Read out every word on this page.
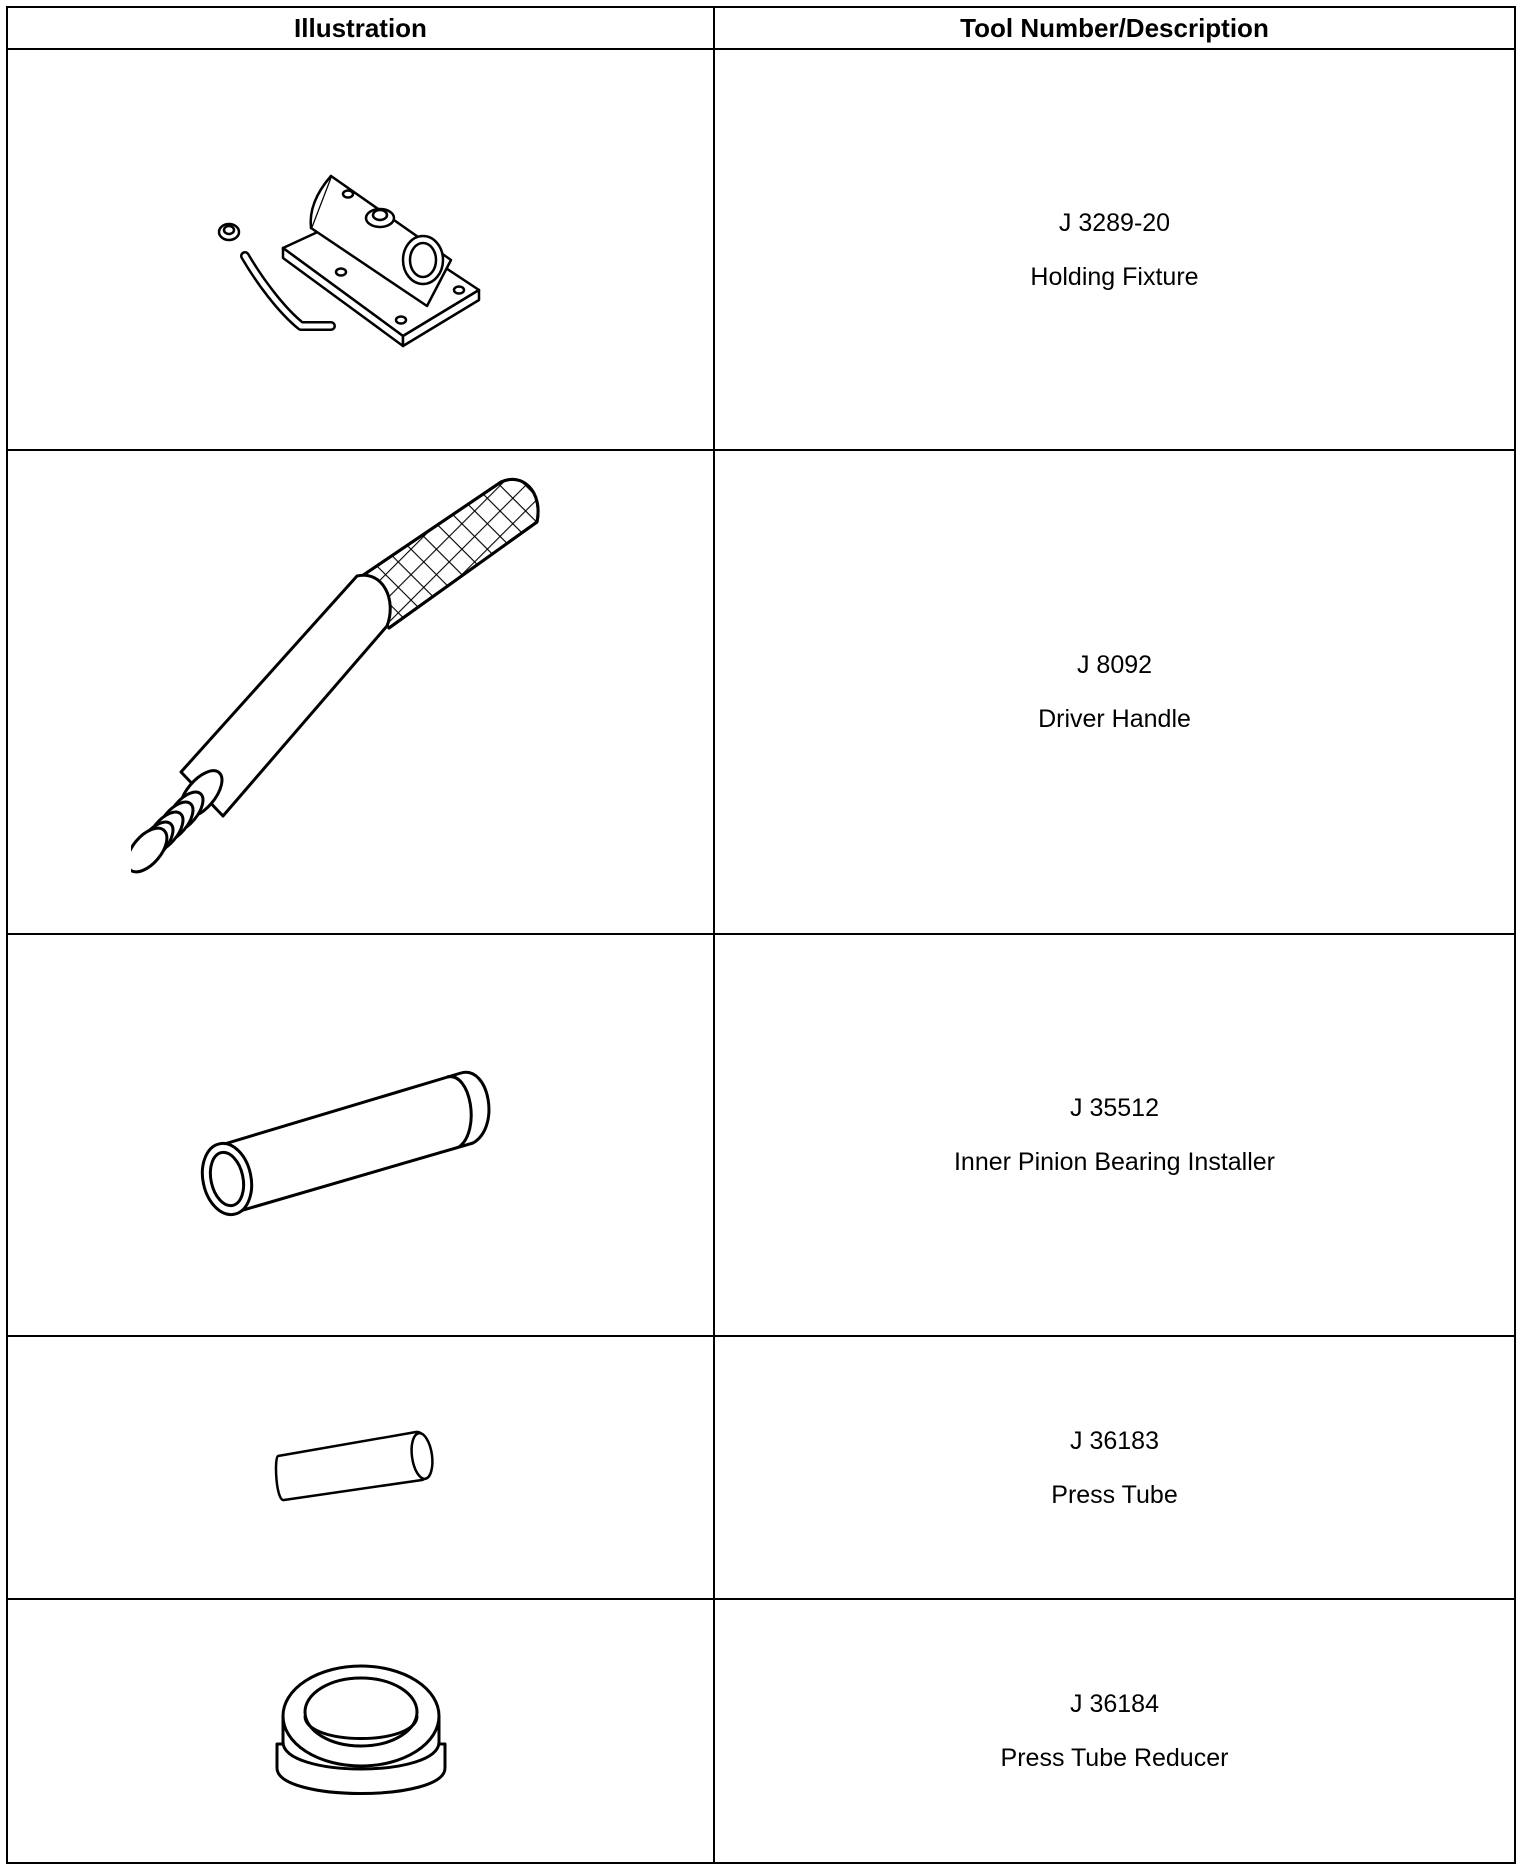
Illustration	Tool Number/Description

J 3289-20
Holding Fixture

J 8092
Driver Handle

J 35512
Inner Pinion Bearing Installer

J 36183
Press Tube

J 36184
Press Tube Reducer
